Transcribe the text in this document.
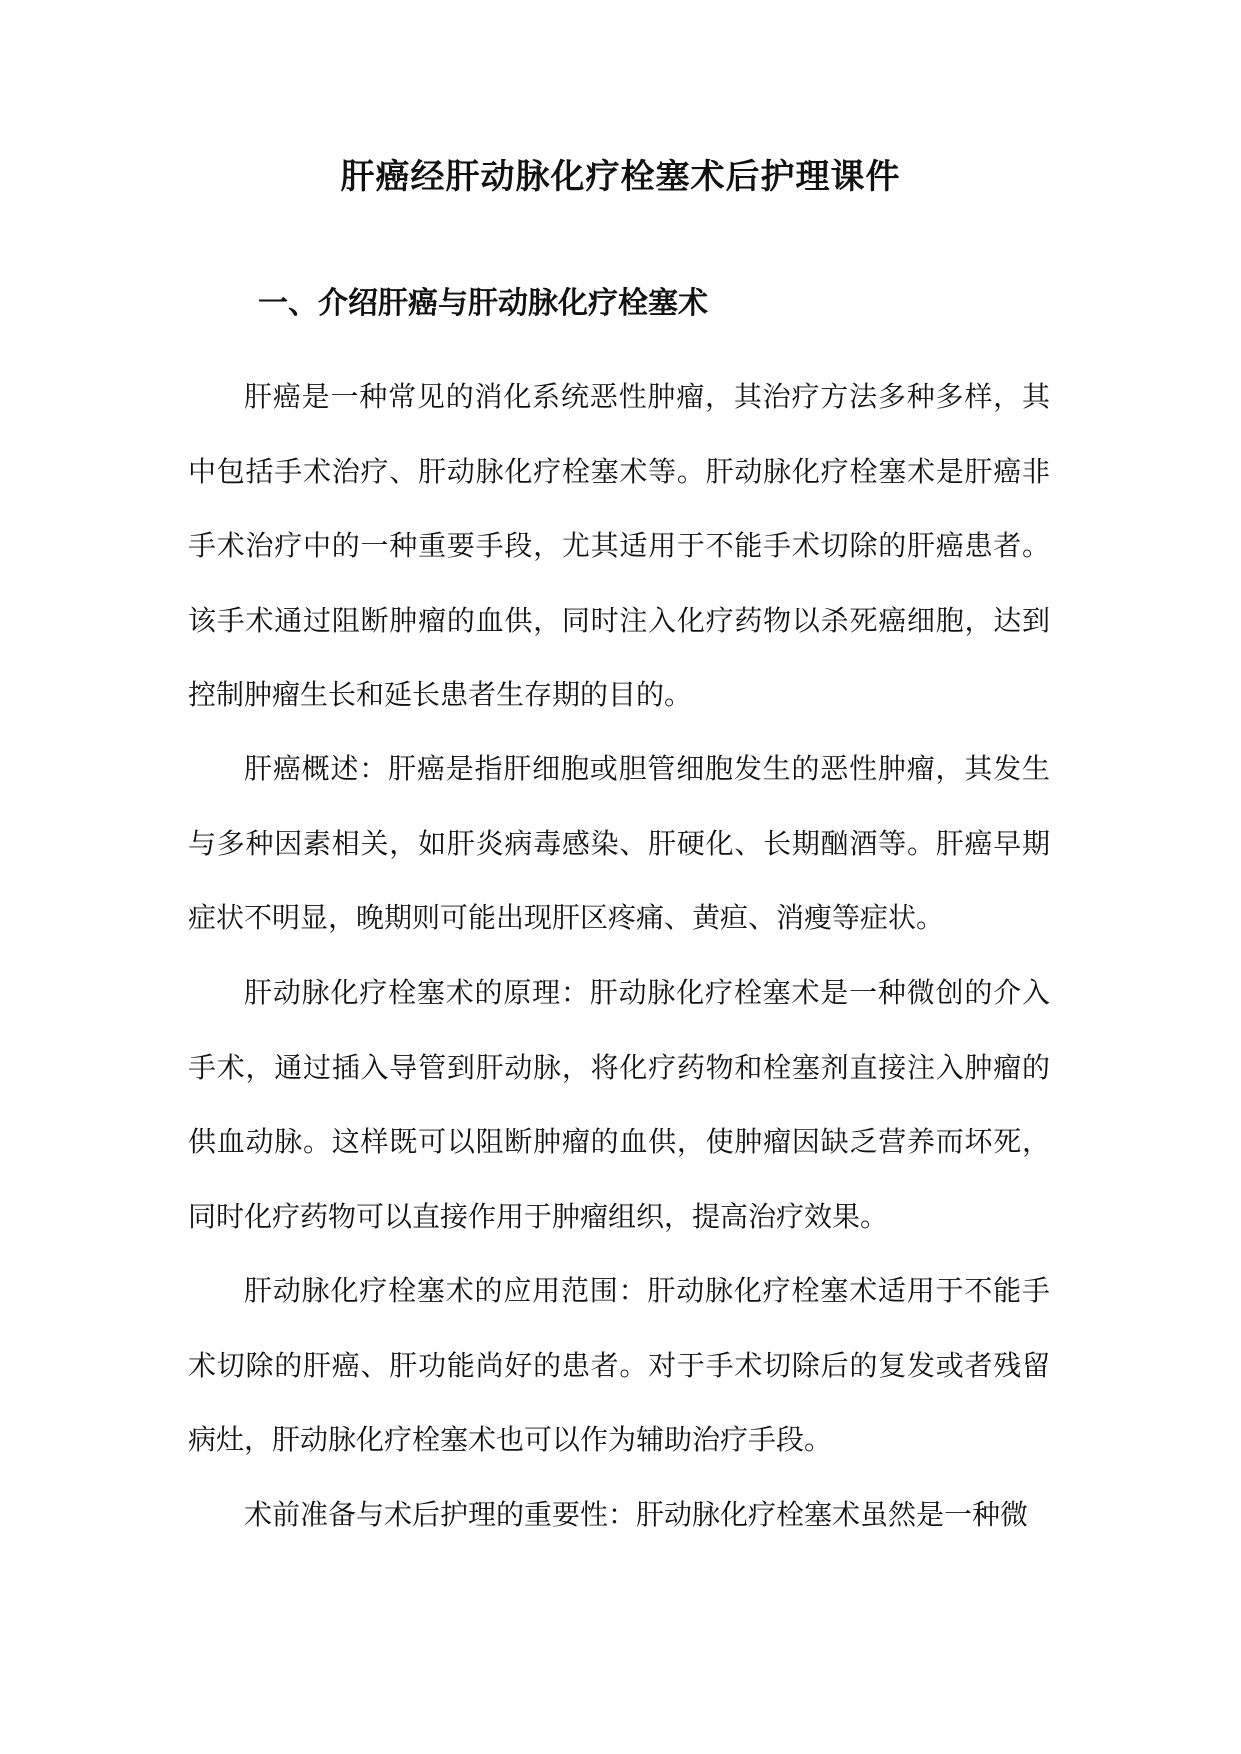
肝癌经肝动脉化疗栓塞术后护理课件
一、介绍肝癌与肝动脉化疗栓塞术

肝癌是一种常见的消化系统恶性肿瘤，其治疗方法多种多样，其中包括手术治疗、肝动脉化疗栓塞术等。肝动脉化疗栓塞术是肝癌非手术治疗中的一种重要手段，尤其适用于不能手术切除的肝癌患者。该手术通过阻断肿瘤的血供，同时注入化疗药物以杀死癌细胞，达到控制肿瘤生长和延长患者生存期的目的。

肝癌概述：肝癌是指肝细胞或胆管细胞发生的恶性肿瘤，其发生与多种因素相关，如肝炎病毒感染、肝硬化、长期酗酒等。肝癌早期症状不明显，晚期则可能出现肝区疼痛、黄疸、消瘦等症状。

肝动脉化疗栓塞术的原理：肝动脉化疗栓塞术是一种微创的介入手术，通过插入导管到肝动脉，将化疗药物和栓塞剂直接注入肿瘤的供血动脉。这样既可以阻断肿瘤的血供，使肿瘤因缺乏营养而坏死，同时化疗药物可以直接作用于肿瘤组织，提高治疗效果。

肝动脉化疗栓塞术的应用范围：肝动脉化疗栓塞术适用于不能手术切除的肝癌、肝功能尚好的患者。对于手术切除后的复发或者残留病灶，肝动脉化疗栓塞术也可以作为辅助治疗手段。

术前准备与术后护理的重要性：肝动脉化疗栓塞术虽然是一种微
